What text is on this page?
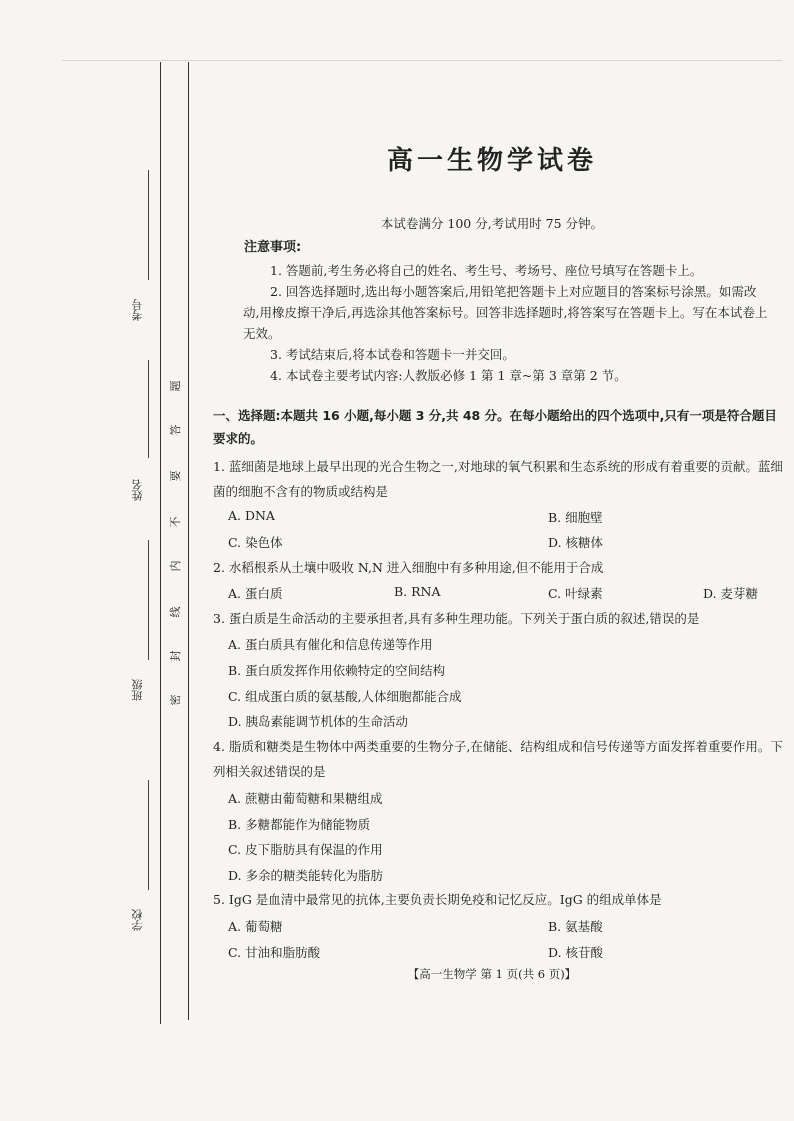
考号
姓名
班级
学校
题
答
要
不
内
线
封
密
高一生物学试卷
本试卷满分 100 分,考试用时 75 分钟。
注意事项:

1. 答题前,考生务必将自己的姓名、考生号、考场号、座位号填写在答题卡上。

2. 回答选择题时,选出每小题答案后,用铅笔把答题卡上对应题目的答案标号涂黑。如需改动,用橡皮擦干净后,再选涂其他答案标号。回答非选择题时,将答案写在答题卡上。写在本试卷上无效。

3. 考试结束后,将本试卷和答题卡一并交回。

4. 本试卷主要考试内容:人教版必修 1 第 1 章~第 3 章第 2 节。

一、选择题:本题共 16 小题,每小题 3 分,共 48 分。在每小题给出的四个选项中,只有一项是符合题目要求的。

1. 蓝细菌是地球上最早出现的光合生物之一,对地球的氧气积累和生态系统的形成有着重要的贡献。蓝细菌的细胞不含有的物质或结构是

A. DNA	B. 细胞壁
C. 染色体	D. 核糖体

2. 水稻根系从土壤中吸收 N,N 进入细胞中有多种用途,但不能用于合成

A. 蛋白质	B. RNA	C. 叶绿素	D. 麦芽糖

3. 蛋白质是生命活动的主要承担者,具有多种生理功能。下列关于蛋白质的叙述,错误的是

A. 蛋白质具有催化和信息传递等作用
B. 蛋白质发挥作用依赖特定的空间结构
C. 组成蛋白质的氨基酸,人体细胞都能合成
D. 胰岛素能调节机体的生命活动

4. 脂质和糖类是生物体中两类重要的生物分子,在储能、结构组成和信号传递等方面发挥着重要作用。下列相关叙述错误的是

A. 蔗糖由葡萄糖和果糖组成
B. 多糖都能作为储能物质
C. 皮下脂肪具有保温的作用
D. 多余的糖类能转化为脂肪

5. IgG 是血清中最常见的抗体,主要负责长期免疫和记忆反应。IgG 的组成单体是

A. 葡萄糖	B. 氨基酸
C. 甘油和脂肪酸	D. 核苷酸
【高一生物学 第 1 页(共 6 页)】
